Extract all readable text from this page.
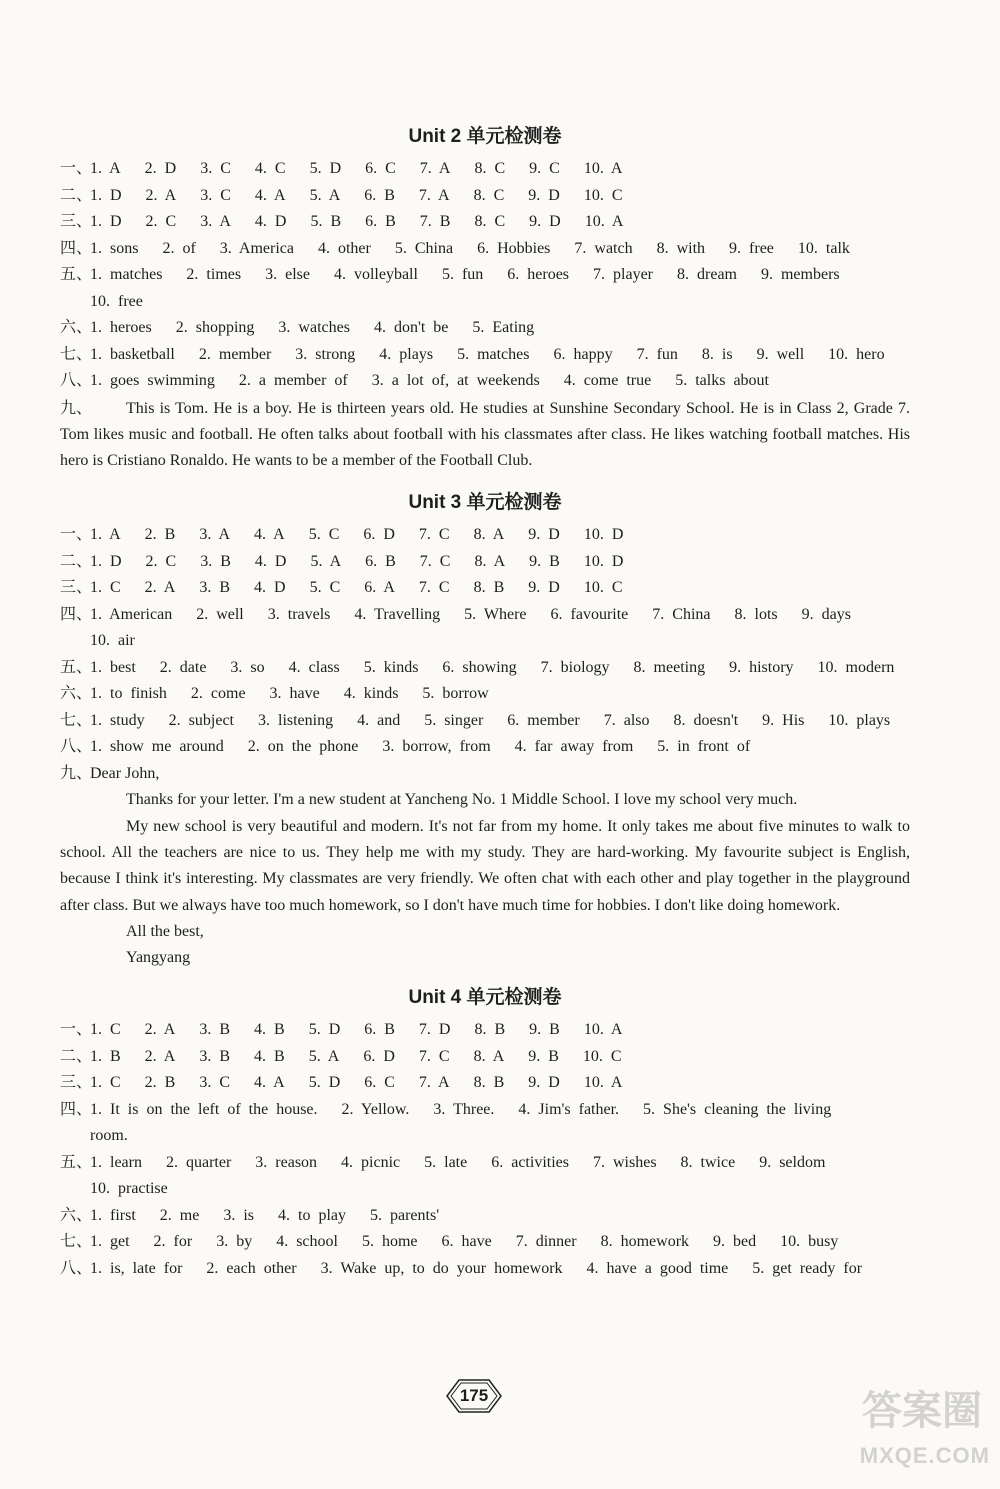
Unit 2 单元检测卷
一、1. A   2. D   3. C   4. C   5. D   6. C   7. A   8. C   9. C   10. A
二、1. D   2. A   3. C   4. A   5. A   6. B   7. A   8. C   9. D   10. C
三、1. D   2. C   3. A   4. D   5. B   6. B   7. B   8. C   9. D   10. A
四、1. sons   2. of   3. America   4. other   5. China   6. Hobbies   7. watch   8. with   9. free   10. talk
五、1. matches   2. times   3. else   4. volleyball   5. fun   6. heroes   7. player   8. dream   9. members
10. free
六、1. heroes   2. shopping   3. watches   4. don't be   5. Eating
七、1. basketball   2. member   3. strong   4. plays   5. matches   6. happy   7. fun   8. is   9. well   10. hero
八、1. goes swimming   2. a member of   3. a lot of, at weekends   4. come true   5. talks about
九、 This is Tom. He is a boy. He is thirteen years old. He studies at Sunshine Secondary School. He is in Class 2, Grade 7. Tom likes music and football. He often talks about football with his classmates after class. He likes watching football matches. His hero is Cristiano Ronaldo. He wants to be a member of the Football Club.
Unit 3 单元检测卷
一、1. A   2. B   3. A   4. A   5. C   6. D   7. C   8. A   9. D   10. D
二、1. D   2. C   3. B   4. D   5. A   6. B   7. C   8. A   9. B   10. D
三、1. C   2. A   3. B   4. D   5. C   6. A   7. C   8. B   9. D   10. C
四、1. American   2. well   3. travels   4. Travelling   5. Where   6. favourite   7. China   8. lots   9. days
10. air
五、1. best   2. date   3. so   4. class   5. kinds   6. showing   7. biology   8. meeting   9. history   10. modern
六、1. to finish   2. come   3. have   4. kinds   5. borrow
七、1. study   2. subject   3. listening   4. and   5. singer   6. member   7. also   8. doesn't   9. His   10. plays
八、1. show me around   2. on the phone   3. borrow, from   4. far away from   5. in front of
九、Dear John,

Thanks for your letter. I'm a new student at Yancheng No. 1 Middle School. I love my school very much.

My new school is very beautiful and modern. It's not far from my home. It only takes me about five minutes to walk to school. All the teachers are nice to us. They help me with my study. They are hard-working. My favourite subject is English, because I think it's interesting. My classmates are very friendly. We often chat with each other and play together in the playground after class. But we always have too much homework, so I don't have much time for hobbies. I don't like doing homework.

All the best,

Yangyang

Unit 4 单元检测卷
一、1. C   2. A   3. B   4. B   5. D   6. B   7. D   8. B   9. B   10. A
二、1. B   2. A   3. B   4. B   5. A   6. D   7. C   8. A   9. B   10. C
三、1. C   2. B   3. C   4. A   5. D   6. C   7. A   8. B   9. D   10. A
四、1. It is on the left of the house.   2. Yellow.   3. Three.   4. Jim's father.   5. She's cleaning the living
room.
五、1. learn   2. quarter   3. reason   4. picnic   5. late   6. activities   7. wishes   8. twice   9. seldom
10. practise
六、1. first   2. me   3. is   4. to play   5. parents'
七、1. get   2. for   3. by   4. school   5. home   6. have   7. dinner   8. homework   9. bed   10. busy
八、1. is, late for   2. each other   3. Wake up, to do your homework   4. have a good time   5. get ready for
175	答案圈
MXQE.COM
